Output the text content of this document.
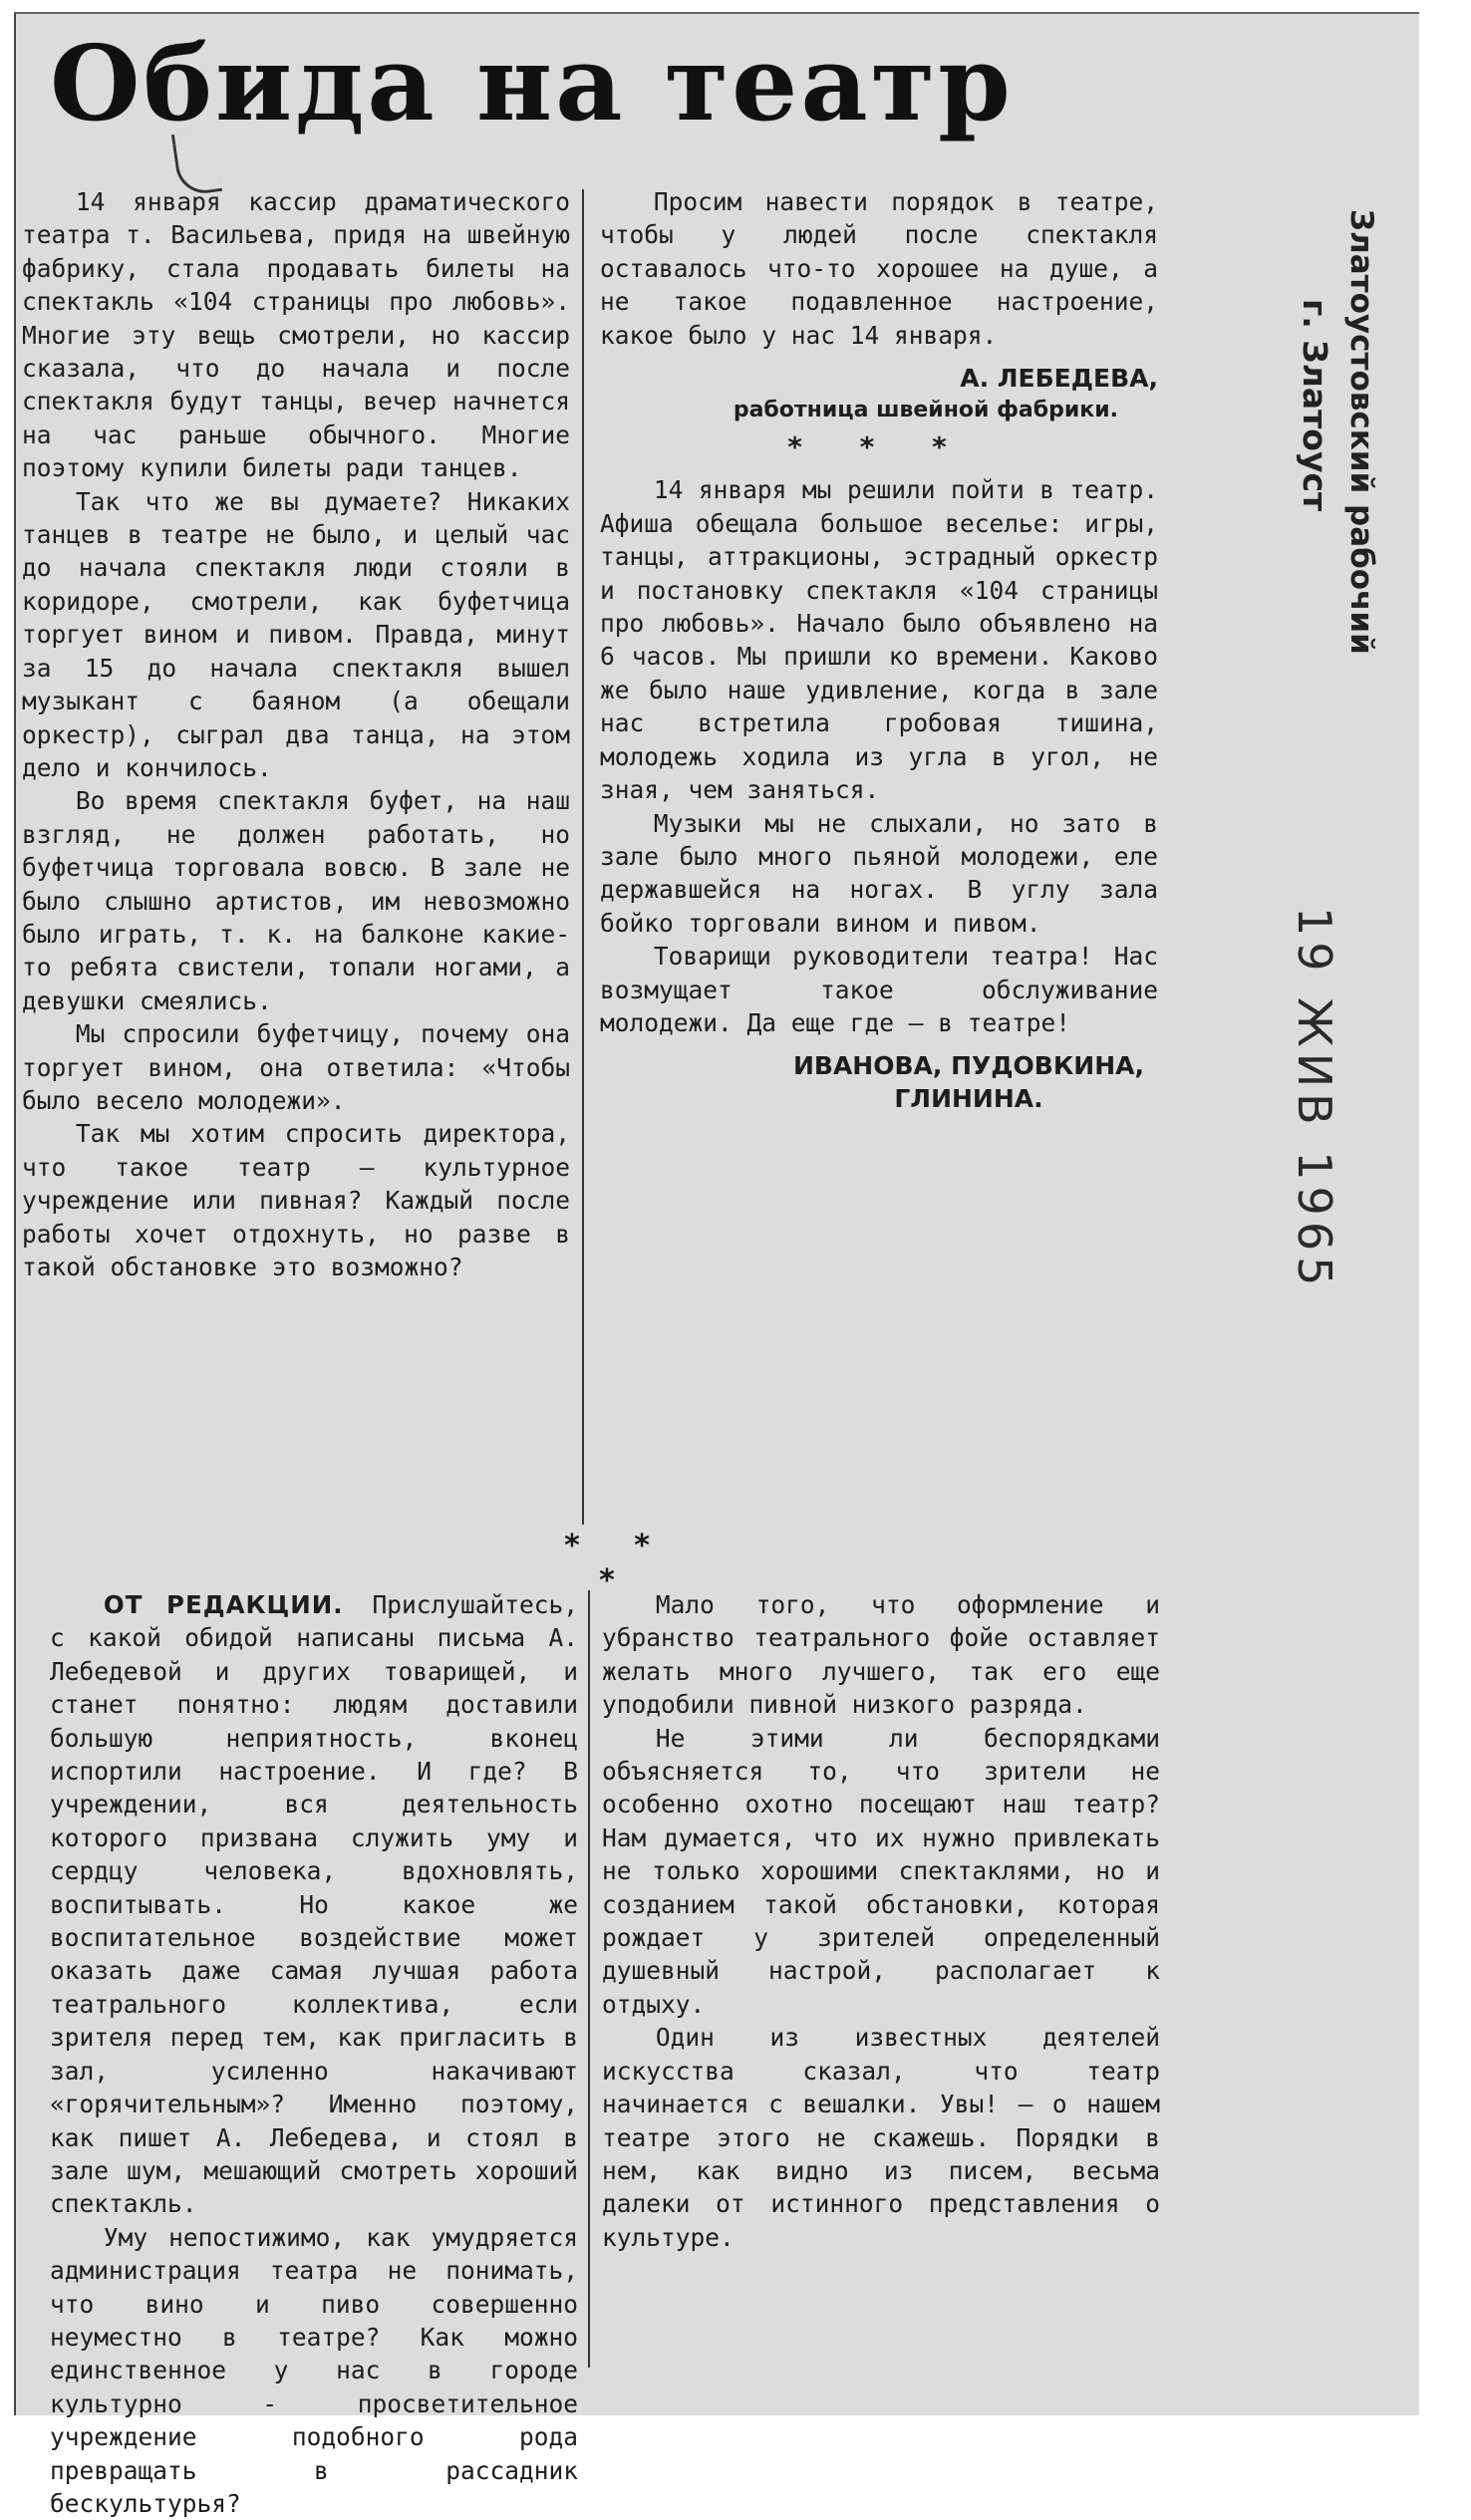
Обида на театр

14 января кассир драматического театра т. Васильева, придя на швейную фабрику, стала продавать билеты на спектакль «104 страницы про любовь». Многие эту вещь смотрели, но кассир сказала, что до начала и после спектакля будут танцы, вечер начнется на час раньше обычного. Многие поэтому купили билеты ради танцев.

Так что же вы думаете? Никаких танцев в театре не было, и целый час до начала спектакля люди стояли в коридоре, смотрели, как буфетчица торгует вином и пивом. Правда, минут за 15 до начала спектакля вышел музыкант с баяном (а обещали оркестр), сыграл два танца, на этом дело и кончилось.

Во время спектакля буфет, на наш взгляд, не должен работать, но буфетчица торговала вовсю. В зале не было слышно артистов, им невозможно было играть, т. к. на балконе какие-то ребята свистели, топали ногами, а девушки смеялись.

Мы спросили буфетчицу, почему она торгует вином, она ответила: «Чтобы было весело молодежи».

Так мы хотим спросить директора, что такое театр — культурное учреждение или пивная? Каждый после работы хочет отдохнуть, но разве в такой обстановке это возможно?

Просим навести порядок в театре, чтобы у людей после спектакля оставалось что-то хорошее на душе, а не такое подавленное настроение, какое было у нас 14 января.

А. ЛЕБЕДЕВА,
работница швейной фабрики.
* * *

14 января мы решили пойти в театр. Афиша обещала большое веселье: игры, танцы, аттракционы, эстрадный оркестр и постановку спектакля «104 страницы про любовь». Начало было объявлено на 6 часов. Мы пришли ко времени. Каково же было наше удивление, когда в зале нас встретила гробовая тишина, молодежь ходила из угла в угол, не зная, чем заняться.

Музыки мы не слыхали, но зато в зале было много пьяной молодежи, еле державшейся на ногах. В углу зала бойко торговали вином и пивом.

Товарищи руководители театра! Нас возмущает такое обслуживание молодежи. Да еще где — в театре!

ИВАНОВА, ПУДОВКИНА, ГЛИНИНА.
* * *

ОТ РЕДАКЦИИ. Прислушайтесь, с какой обидой написаны письма А. Лебедевой и других товарищей, и станет понятно: людям доставили большую неприятность, вконец испортили настроение. И где? В учреждении, вся деятельность которого призвана служить уму и сердцу человека, вдохновлять, воспитывать. Но какое же воспитательное воздействие может оказать даже самая лучшая работа театрального коллектива, если зрителя перед тем, как пригласить в зал, усиленно накачивают «горячительным»? Именно поэтому, как пишет А. Лебедева, и стоял в зале шум, мешающий смотреть хороший спектакль.

Уму непостижимо, как умудряется администрация театра не понимать, что вино и пиво совершенно неуместно в театре? Как можно единственное у нас в городе культурно - просветительное учреждение подобного рода превращать в рассадник бескультурья?

Мало того, что оформление и убранство театрального фойе оставляет желать много лучшего, так его еще уподобили пивной низкого разряда.

Не этими ли беспорядками объясняется то, что зрители не особенно охотно посещают наш театр? Нам думается, что их нужно привлекать не только хорошими спектаклями, но и созданием такой обстановки, которая рождает у зрителей определенный душевный настрой, располагает к отдыху.

Один из известных деятелей искусства сказал, что театр начинается с вешалки. Увы! — о нашем театре этого не скажешь. Порядки в нем, как видно из писем, весьма далеки от истинного представления о культуре.

Златоустовский рабочий
г. Златоуст
19 ЖИВ 1965
